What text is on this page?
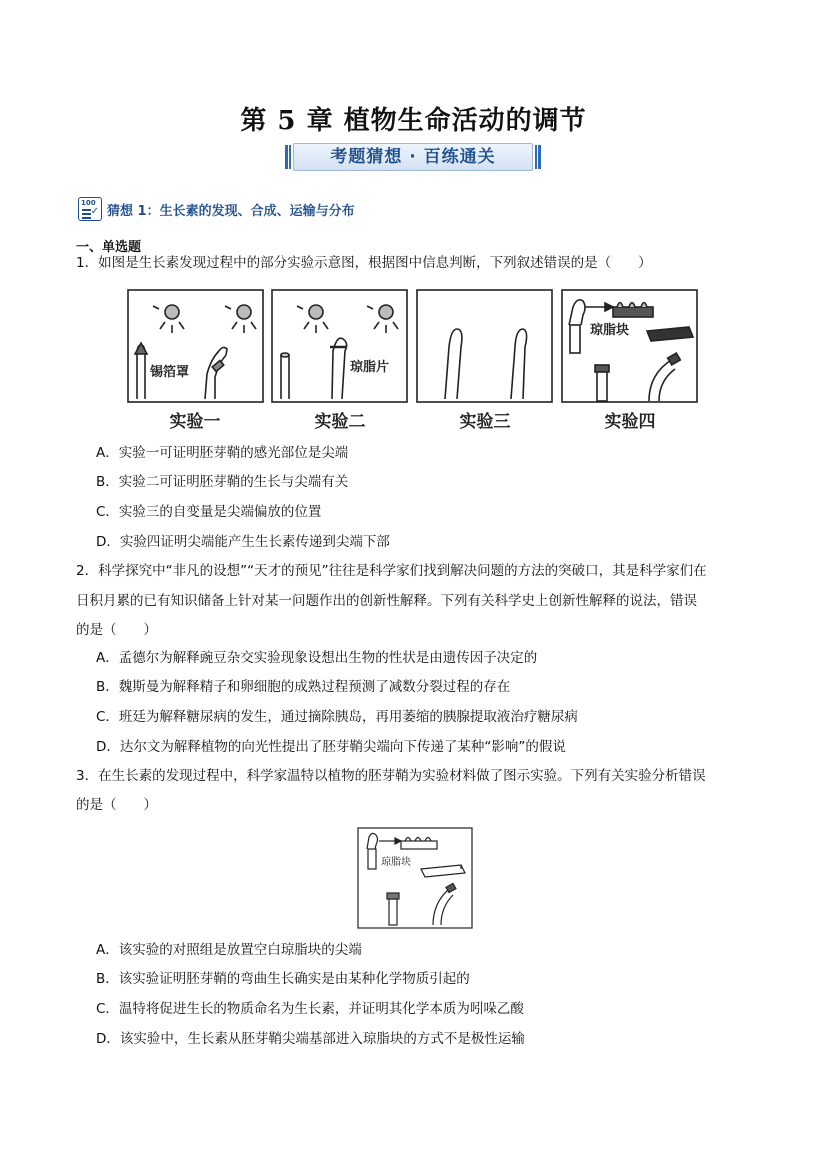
第 5 章 植物生命活动的调节
考题猜想 · 百练通关
100
✓ 猜想 1：生长素的发现、合成、运输与分布
一、单选题
1．如图是生长素发现过程中的部分实验示意图，根据图中信息判断，下列叙述错误的是（　　）
锡箔罩	琼脂片
琼脂块
实验一	实验二	实验三	实验四
A．实验一可证明胚芽鞘的感光部位是尖端
B．实验二可证明胚芽鞘的生长与尖端有关
C．实验三的自变量是尖端偏放的位置
D．实验四证明尖端能产生生长素传递到尖端下部
2．科学探究中“非凡的设想”“天才的预见”往往是科学家们找到解决问题的方法的突破口，其是科学家们在
日积月累的已有知识储备上针对某一问题作出的创新性解释。下列有关科学史上创新性解释的说法，错误
的是（　　）
A．孟德尔为解释豌豆杂交实验现象设想出生物的性状是由遗传因子决定的
B．魏斯曼为解释精子和卵细胞的成熟过程预测了减数分裂过程的存在
C．班廷为解释糖尿病的发生，通过摘除胰岛，再用萎缩的胰腺提取液治疗糖尿病
D．达尔文为解释植物的向光性提出了胚芽鞘尖端向下传递了某种“影响”的假说
3．在生长素的发现过程中，科学家温特以植物的胚芽鞘为实验材料做了图示实验。下列有关实验分析错误
的是（　　）
琼脂块
A．该实验的对照组是放置空白琼脂块的尖端
B．该实验证明胚芽鞘的弯曲生长确实是由某种化学物质引起的
C．温特将促进生长的物质命名为生长素，并证明其化学本质为吲哚乙酸
D．该实验中，生长素从胚芽鞘尖端基部进入琼脂块的方式不是极性运输
